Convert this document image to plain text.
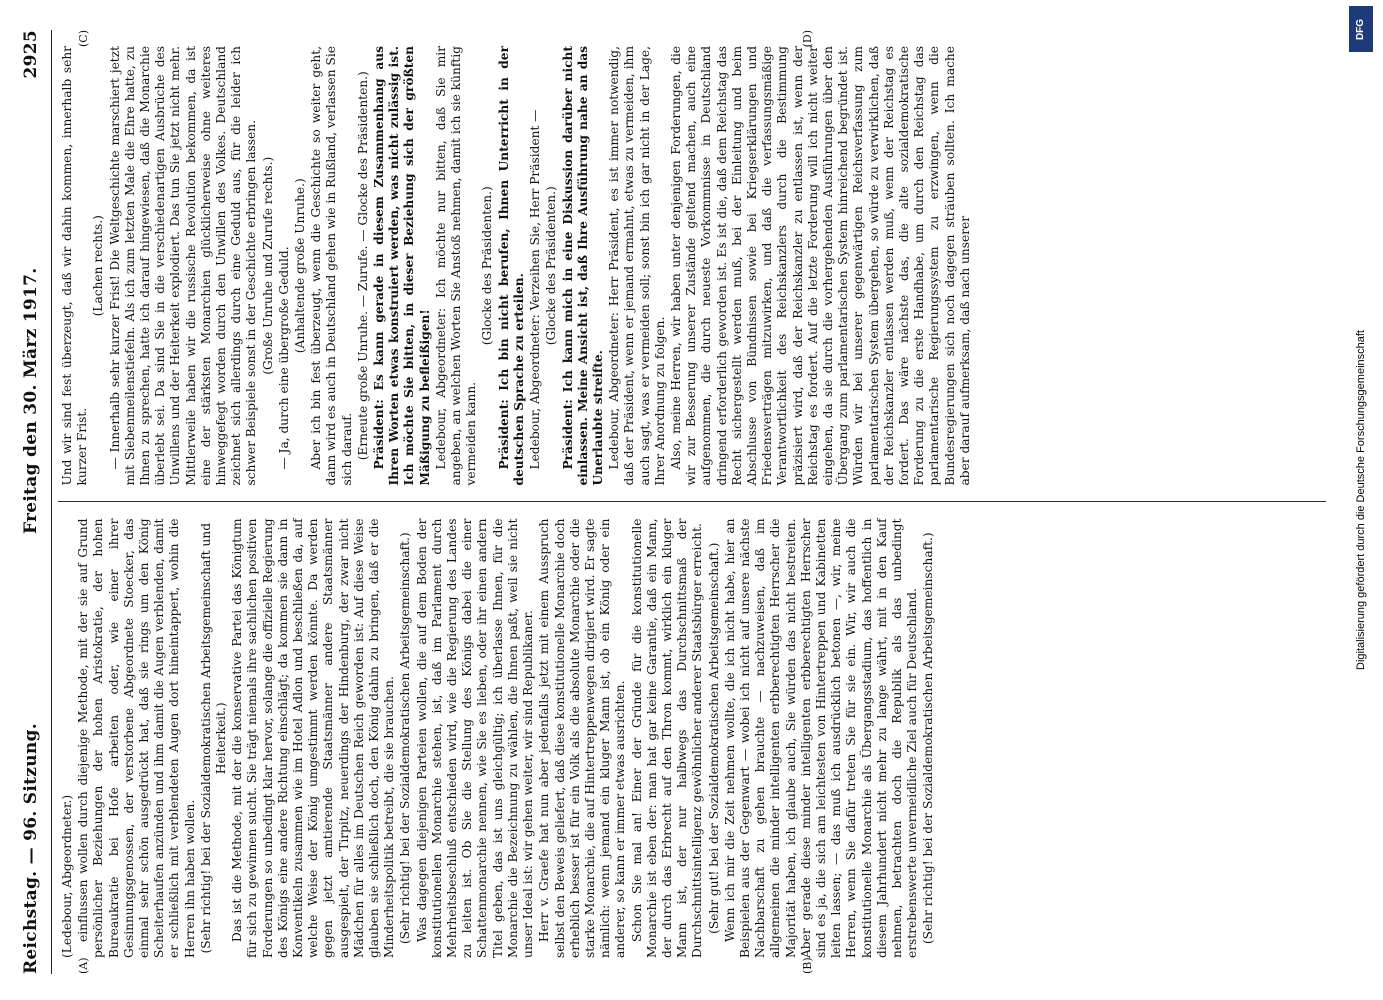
Reichstag. — 96. Sitzung.
Freitag den 30. März 1917.
2925
(A)	(B)

(Ledebour, Abgeordneter.) einflussen wollen durch diejenige Methode, mit der sie auf Grund persönlicher Beziehungen der hohen Aristokratie, der hohen Bureaukratie bei Hofe arbeiten oder, wie einer ihrer Gesinnungsgenossen, der verstorbene Abgeordnete Stoecker, das einmal sehr schön ausgedrückt hat, daß sie rings um den König Scheiterhaufen anzünden und ihm damit die Augen verblenden, damit er schließlich mit verblendeten Augen dort hineintappert, wohin die Herren ihn haben wollen. (Sehr richtig! bei der Sozialdemokratischen Arbeitsgemeinschaft und Heiterkeit.) Das ist die Methode, mit der die konservative Partei das Königtum für sich zu gewinnen sucht. Sie trägt niemals ihre sachlichen positiven Forderungen so unbedingt klar hervor, solange die offizielle Regierung des Königs eine andere Richtung einschlägt; da kommen sie dann in Konventikeln zusammen wie im Hotel Adlon und beschließen da, auf welche Weise der König umgestimmt werden könnte. Da werden gegen jetzt amtierende Staatsmänner andere Staatsmänner ausgespielt, der Tirpitz, neuerdings der Hindenburg, der zwar nicht Mädchen für alles im Deutschen Reich geworden ist: Auf diese Weise glauben sie schließlich doch, den König dahin zu bringen, daß er die Minderheitspolitik betreibt, die sie brauchen. (Sehr richtig! bei der Sozialdemokratischen Arbeitsgemeinschaft.) Was dagegen diejenigen Parteien wollen, die auf dem Boden der konstitutionellen Monarchie stehen, ist, daß im Parlament durch Mehrheitsbeschluß entschieden wird, wie die Regierung des Landes zu leiten ist. Ob Sie die Stellung des Königs dabei die einer Schattenmonarchie nennen, wie Sie es lieben, oder ihr einen andern Titel geben, das ist uns gleichgültig; ich überlasse Ihnen, für die Monarchie die Bezeichnung zu wählen, die Ihnen paßt, weil sie nicht unser Ideal ist: wir gehen weiter, wir sind Republikaner. Herr v. Graefe hat nun aber jedenfalls jetzt mit einem Ausspruch selbst den Beweis geliefert, daß diese konstitutionelle Monarchie doch erheblich besser ist für ein Volk als die absolute Monarchie oder die starke Monarchie, die auf Hintertreppenwegen dirigiert wird. Er sagte nämlich: wenn jemand ein kluger Mann ist, ob ein König oder ein anderer, so kann er immer etwas ausrichten. Schon Sie mal an! Einer der Gründe für die konstitutionelle Monarchie ist eben der: man hat gar keine Garantie, daß ein Mann, der durch das Erbrecht auf den Thron kommt, wirklich ein kluger Mann ist, der nur halbwegs das Durchschnittsmaß der Durchschnittsintelligenz gewöhnlicher anderer Staatsbürger erreicht. (Sehr gut! bei der Sozialdemokratischen Arbeitsgemeinschaft.) Wenn ich mir die Zeit nehmen wollte, die ich nicht habe, hier an Beispielen aus der Gegenwart — wobei ich nicht auf unsere nächste Nachbarschaft zu gehen brauchte — nachzuweisen, daß im allgemeinen die minder intelligenten erbberechtigten Herrscher die Majorität haben, ich glaube auch, Sie würden das nicht bestreiten. Aber gerade diese minder intelligenten erbberechtigten Herrscher sind es ja, die sich am leichtesten von Hintertreppen und Kabinetten leiten lassen; — das muß ich ausdrücklich betonen —, wir, meine Herren, wenn Sie dafür treten Sie für sie ein. Wir, wir auch die konstitutionelle Monarchie als Übergangsstadium, das hoffentlich in diesem Jahrhundert nicht mehr zu lange währt, mit in den Kauf nehmen, betrachten doch die Republik als das unbedingt erstrebenswerte unvermeidliche Ziel auch für Deutschland. (Sehr richtig! bei der Sozialdemokratischen Arbeitsgemeinschaft.)

(C)	(D)

Und wir sind fest überzeugt, daß wir dahin kommen, innerhalb sehr kurzer Frist.

(Lachen rechts.) — Innerhalb sehr kurzer Frist! Die Weltgeschichte marschiert jetzt mit Siebenmeilenstiefeln. Als ich zum letzten Male die Ehre hatte, zu Ihnen zu sprechen, hatte ich darauf hingewiesen, daß die Monarchie überlebt sei. Da sind Sie in die verschiedenartigen Ausbrüche des Unwillens und der Heiterkeit explodiert. Das tun Sie jetzt nicht mehr. Mittlerweile haben wir die russische Revolution bekommen, da ist eine der stärksten Monarchien glücklicherweise ohne weiteres hinweggefegt worden durch den Unwillen des Volkes. Deutschland zeichnet sich allerdings durch eine Geduld aus, für die leider ich schwer Beispiele sonst in der Geschichte erbringen lassen. (Große Unruhe und Zurufe rechts.) — Ja, durch eine übergroße Geduld. (Anhaltende große Unruhe.) Aber ich bin fest überzeugt, wenn die Geschichte so weiter geht, dann wird es auch in Deutschland gehen wie in Rußland, verlassen Sie sich darauf. (Erneute große Unruhe. — Zurufe. — Glocke des Präsidenten.) Präsident: Es kann gerade in diesem Zusammenhang aus Ihren Worten etwas konstruiert werden, was nicht zulässig ist. Ich möchte Sie bitten, in dieser Beziehung sich der größten Mäßigung zu befleißigen! Ledebour, Abgeordneter: Ich möchte nur bitten, daß Sie mir angeben, an welchen Worten Sie Anstoß nehmen, damit ich sie künftig vermeiden kann.

(Glocke des Präsidenten.) Präsident: Ich bin nicht berufen, Ihnen Unterricht in der deutschen Sprache zu erteilen. Ledebour, Abgeordneter: Verzeihen Sie, Herr Präsident — (Glocke des Präsidenten.) Präsident: Ich kann mich in eine Diskussion darüber nicht einlassen. Meine Ansicht ist, daß Ihre Ausführung nahe an das Unerlaubte streifte. Ledebour, Abgeordneter: Herr Präsident, es ist immer notwendig, daß der Präsident, wenn er jemand ermahnt, etwas zu vermeiden, ihm auch sagt, was er vermeiden soll; sonst bin ich gar nicht in der Lage, Ihrer Anordnung zu folgen. Also, meine Herren, wir haben unter denjenigen Forderungen, die wir zur Besserung unserer Zustände geltend machen, auch eine aufgenommen, die durch neueste Vorkommnisse in Deutschland dringend erforderlich geworden ist. Es ist die, daß dem Reichstag das Recht sichergestellt werden muß, bei der Einleitung und beim Abschlusse von Bündnissen sowie bei Kriegserklärungen und Friedensverträgen mitzuwirken, und daß die verfassungsmäßige Verantwortlichkeit des Reichskanzlers durch die Bestimmung präzisiert wird, daß der Reichskanzler zu entlassen ist, wenn der Reichstag es fordert. Auf die letzte Forderung will ich nicht weiter eingehen, da sie durch die vorhergehenden Ausführungen über den Übergang zum parlamentarischen System hinreichend begründet ist. Würden wir bei unserer gegenwärtigen Reichsverfassung zum parlamentarischen System übergehen, so würde zu verwirklichen, daß der Reichskanzler entlassen werden muß, wenn der Reichstag es fordert. Das wäre nächste das, die alte sozialdemokratische Forderung zu die erste Handhabe, um durch den Reichstag das parlamentarische Regierungssystem zu erzwingen, wenn die Bundesregierungen sich noch dagegen sträuben sollten. Ich mache aber darauf aufmerksam, daß nach unserer

DFG
Digitalisierung gefördert durch die Deutsche Forschungsgemeinschaft
